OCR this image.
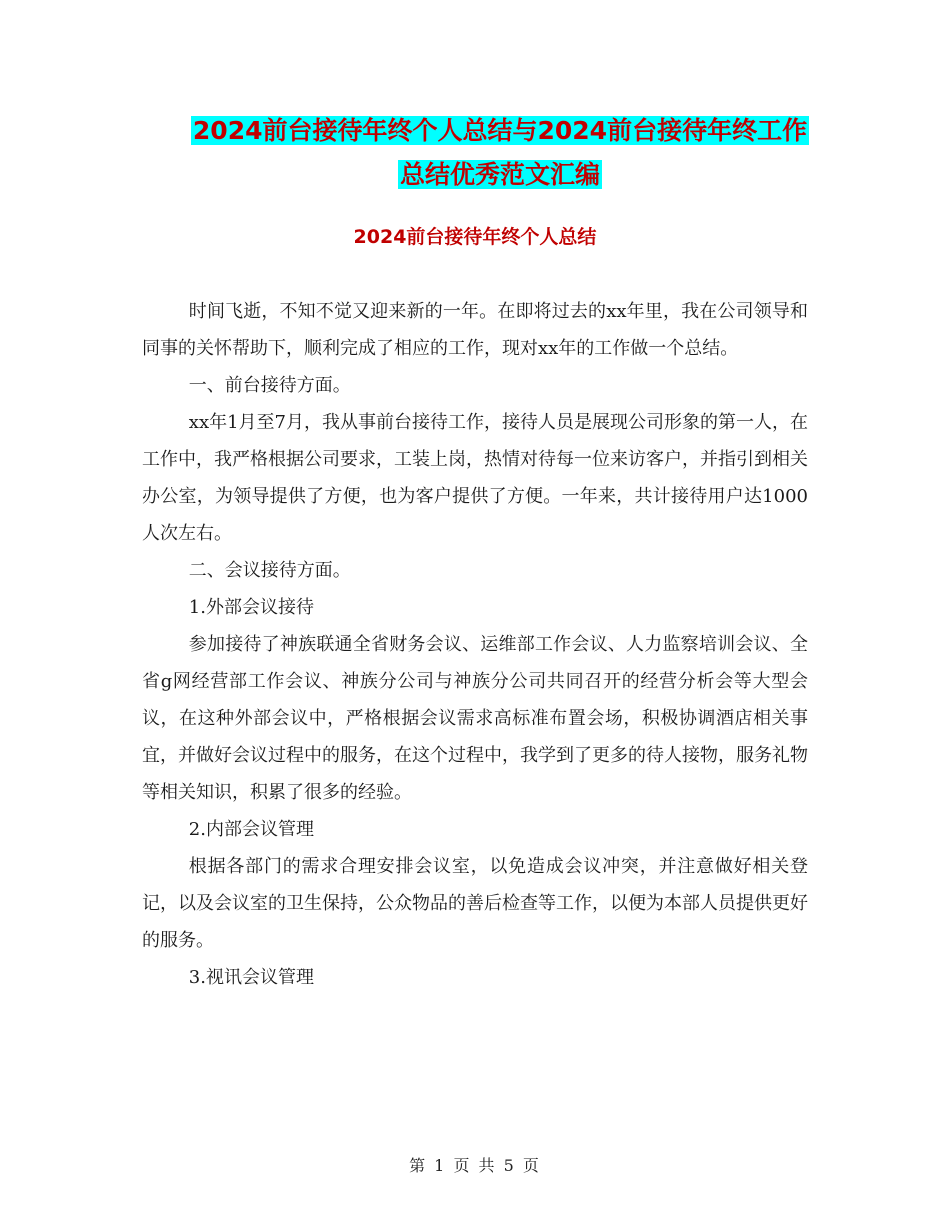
2024前台接待年终个人总结与2024前台接待年终工作
总结优秀范文汇编
2024前台接待年终个人总结

时间飞逝，不知不觉又迎来新的一年。在即将过去的xx年里，我在公司领导和同事的关怀帮助下，顺利完成了相应的工作，现对xx年的工作做一个总结。

一、前台接待方面。

xx年1月至7月，我从事前台接待工作，接待人员是展现公司形象的第一人，在工作中，我严格根据公司要求，工装上岗，热情对待每一位来访客户，并指引到相关办公室，为领导提供了方便，也为客户提供了方便。一年来，共计接待用户达1000人次左右。

二、会议接待方面。

1.外部会议接待

参加接待了神族联通全省财务会议、运维部工作会议、人力监察培训会议、全省g网经营部工作会议、神族分公司与神族分公司共同召开的经营分析会等大型会议，在这种外部会议中，严格根据会议需求高标准布置会场，积极协调酒店相关事宜，并做好会议过程中的服务，在这个过程中，我学到了更多的待人接物，服务礼物等相关知识，积累了很多的经验。

2.内部会议管理

根据各部门的需求合理安排会议室，以免造成会议冲突，并注意做好相关登记，以及会议室的卫生保持，公众物品的善后检查等工作，以便为本部人员提供更好的服务。

3.视讯会议管理

第 1 页 共 5 页
